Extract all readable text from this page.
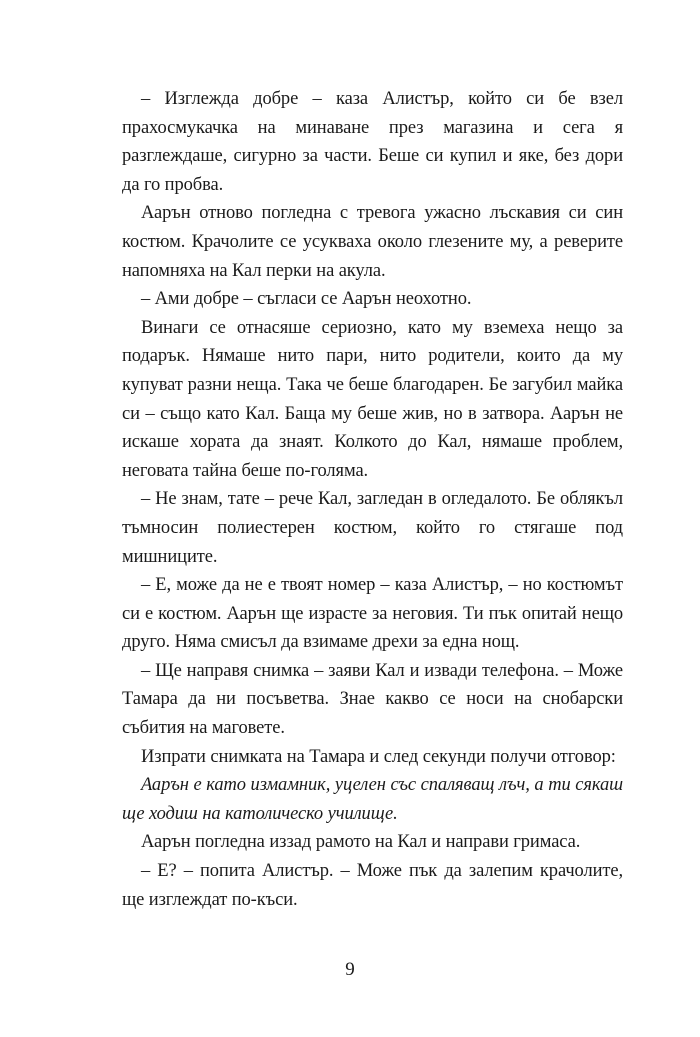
– Изглежда добре – каза Алистър, който си бе взел прахосмукачка на минаване през магазина и сега я разглеждаше, сигурно за части. Беше си купил и яке, без дори да го пробва.

Аарън отново погледна с тревога ужасно лъскавия си син костюм. Крачолите се усукваха около глезените му, а реверите напомняха на Кал перки на акула.

– Ами добре – съгласи се Аарън неохотно.

Винаги се отнасяше сериозно, като му вземеха нещо за подарък. Нямаше нито пари, нито родители, които да му купуват разни неща. Така че беше благодарен. Бе загубил майка си – също като Кал. Баща му беше жив, но в затвора. Аарън не искаше хората да знаят. Колкото до Кал, нямаше проблем, неговата тайна беше по-голяма.

– Не знам, тате – рече Кал, загледан в огледалото. Бе облякъл тъмносин полиестерен костюм, който го стягаше под мишниците.

– Е, може да не е твоят номер – каза Алистър, – но костюмът си е костюм. Аарън ще израсте за неговия. Ти пък опитай нещо друго. Няма смисъл да взимаме дрехи за една нощ.

– Ще направя снимка – заяви Кал и извади телефона. – Може Тамара да ни посъветва. Знае какво се носи на снобарски събития на маговете.

Изпрати снимката на Тамара и след секунди получи отговор:

Аарън е като измамник, уцелен със спаляващ лъч, а ти сякаш ще ходиш на католическо училище.

Аарън погледна иззад рамото на Кал и направи гримаса.

– Е? – попита Алистър. – Може пък да залепим крачолите, ще изглеждат по-къси.

9
